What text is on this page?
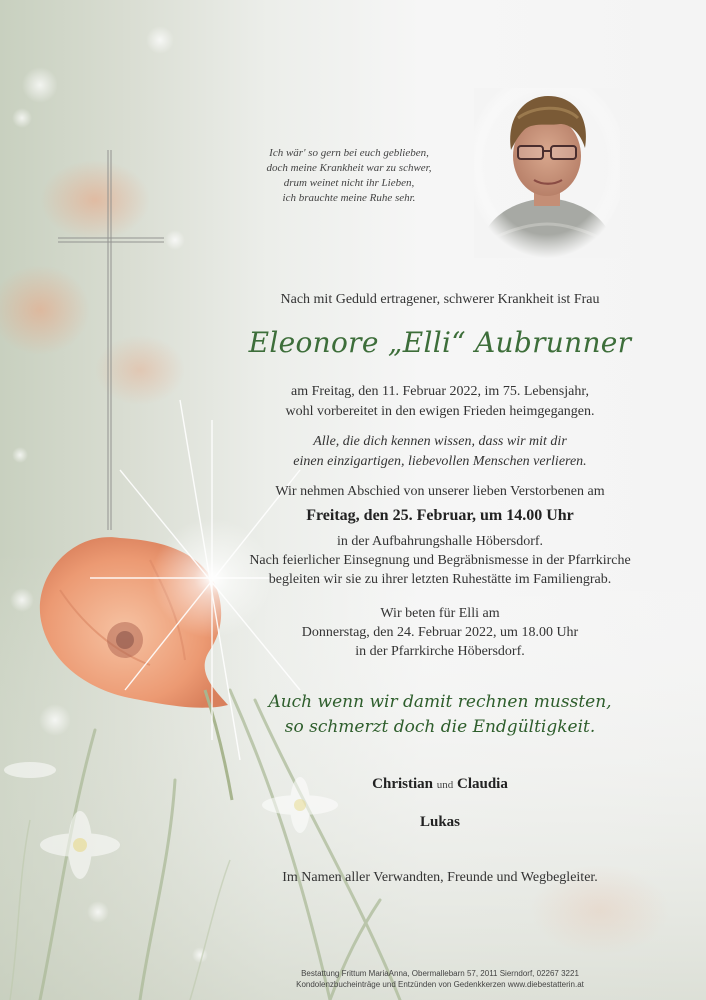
Ich wär' so gern bei euch geblieben,
doch meine Krankheit war zu schwer,
drum weinet nicht ihr Lieben,
ich brauchte meine Ruhe sehr.
Nach mit Geduld ertragener, schwerer Krankheit ist Frau
Eleonore „Elli“ Aubrunner
am Freitag, den 11. Februar 2022, im 75. Lebensjahr,
wohl vorbereitet in den ewigen Frieden heimgegangen.
Alle, die dich kennen wissen, dass wir mit dir
einen einzigartigen, liebevollen Menschen verlieren.
Wir nehmen Abschied von unserer lieben Verstorbenen am
Freitag, den 25. Februar, um 14.00 Uhr
in der Aufbahrungshalle Höbersdorf.
Nach feierlicher Einsegnung und Begräbnismesse in der Pfarrkirche
begleiten wir sie zu ihrer letzten Ruhestätte im Familiengrab.
Wir beten für Elli am
Donnerstag, den 24. Februar 2022, um 18.00 Uhr
in der Pfarrkirche Höbersdorf.
Auch wenn wir damit rechnen mussten,
so schmerzt doch die Endgültigkeit.
Christian und Claudia
Lukas
Im Namen aller Verwandten, Freunde und Wegbegleiter.
Bestattung Frittum MariaAnna, Obermallebarn 57, 2011 Sierndorf, 02267 3221
Kondolenzbucheinträge und Entzünden von Gedenkkerzen www.diebestatterin.at
